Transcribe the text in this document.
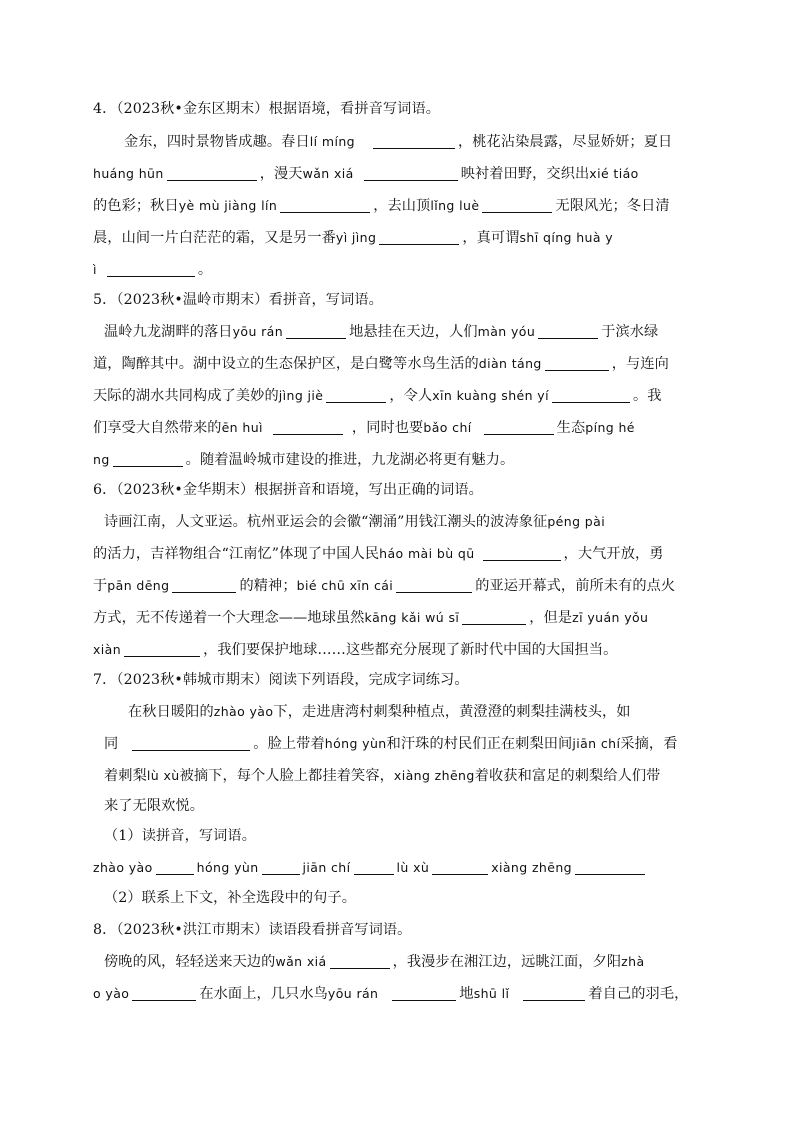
4．（2023秋•金东区期末）根据语境，看拼音写词语。
金东，四时景物皆成趣。春日lí míng	，桃花沾染晨露，尽显娇妍；夏日
huáng hūn	，漫天wǎn xiá	映衬着田野，交织出xié tiáo
的色彩；秋日yè mù jiàng lín	，去山顶lǐng luè	无限风光；冬日清
晨，山间一片白茫茫的霜，又是另一番yì jìng	，真可谓shī qíng huà y
ì	。
5．（2023秋•温岭市期末）看拼音，写词语。
温岭九龙湖畔的落日yōu rán	地悬挂在天边，人们màn yóu	于滨水绿
道，陶醉其中。湖中设立的生态保护区，是白鹭等水鸟生活的diàn táng	，与连向
天际的湖水共同构成了美妙的jìng jiè	，令人xīn kuàng shén yí	。我
们享受大自然带来的ēn huì	，同时也要bǎo chí	生态píng hé
ng	。随着温岭城市建设的推进，九龙湖必将更有魅力。
6．（2023秋•金华期末）根据拼音和语境，写出正确的词语。
诗画江南，人文亚运。杭州亚运会的会徽“潮涌”用钱江潮头的波涛象征péng pài
的活力，吉祥物组合“江南忆”体现了中国人民háo mài bù qū	，大气开放，勇
于pān dēng	的精神；bié chū xīn cái	的亚运开幕式，前所未有的点火
方式，无不传递着一个大理念——地球虽然kāng kǎi wú sī	，但是zī yuán yǒu
xiàn	，我们要保护地球……这些都充分展现了新时代中国的大国担当。
7．（2023秋•韩城市期末）阅读下列语段，完成字词练习。
在秋日暖阳的zhào yào下，走进唐湾村刺梨种植点，黄澄澄的刺梨挂满枝头，如
同	。脸上带着hóng yùn和汗珠的村民们正在刺梨田间jiān chí采摘，看
着刺梨lù xù被摘下，每个人脸上都挂着笑容，xiàng zhēng着收获和富足的刺梨给人们带
来了无限欢悦。
（1）读拼音，写词语。
zhào yào	hóng yùn	jiān chí	lù xù	xiàng zhēng
（2）联系上下文，补全选段中的句子。
8．（2023秋•洪江市期末）读语段看拼音写词语。
傍晚的风，轻轻送来天边的wǎn xiá	，我漫步在湘江边，远眺江面，夕阳zhà
o yào	在水面上，几只水鸟yōu rán	地shū lǐ	着自己的羽毛，
